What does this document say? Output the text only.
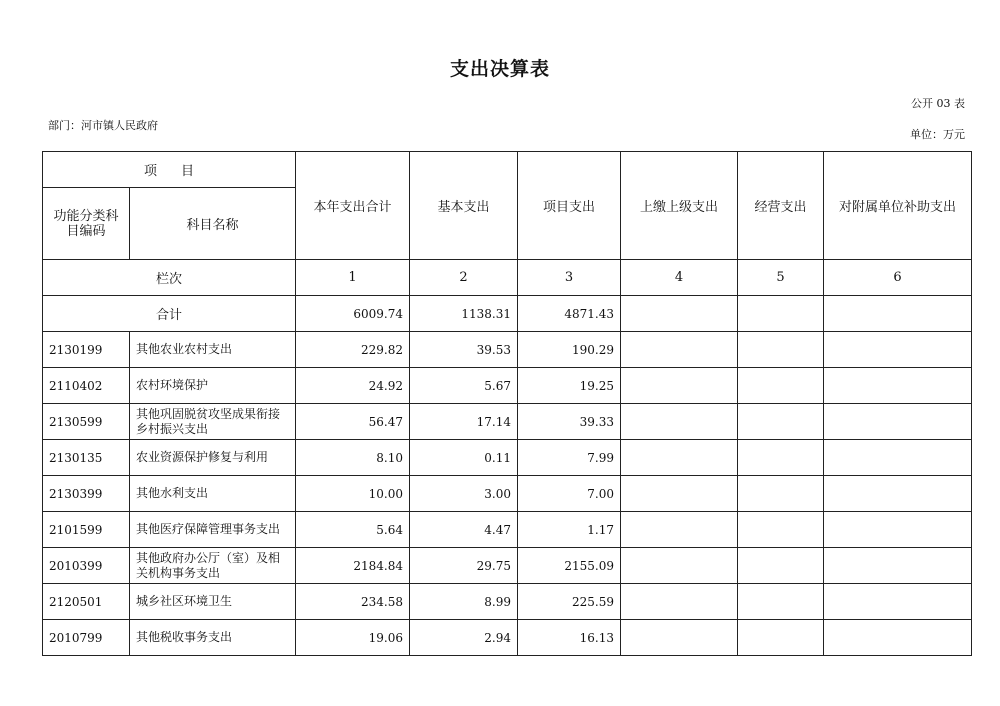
支出决算表
公开 03 表
部门：河市镇人民政府
单位：万元
项 目		本年支出合计	基本支出	项目支出	上缴上级支出	经营支出	对附属单位补助支出
功能分类科目编码	科目名称						
栏次		1	2	3	4	5	6
合计		6009.74	1138.31	4871.43			
2130199	其他农业农村支出	229.82	39.53	190.29			
2110402	农村环境保护	24.92	5.67	19.25			
2130599	其他巩固脱贫攻坚成果衔接乡村振兴支出	56.47	17.14	39.33			
2130135	农业资源保护修复与利用	8.10	0.11	7.99			
2130399	其他水利支出	10.00	3.00	7.00			
2101599	其他医疗保障管理事务支出	5.64	4.47	1.17			
2010399	其他政府办公厅（室）及相关机构事务支出	2184.84	29.75	2155.09			
2120501	城乡社区环境卫生	234.58	8.99	225.59			
2010799	其他税收事务支出	19.06	2.94	16.13			
